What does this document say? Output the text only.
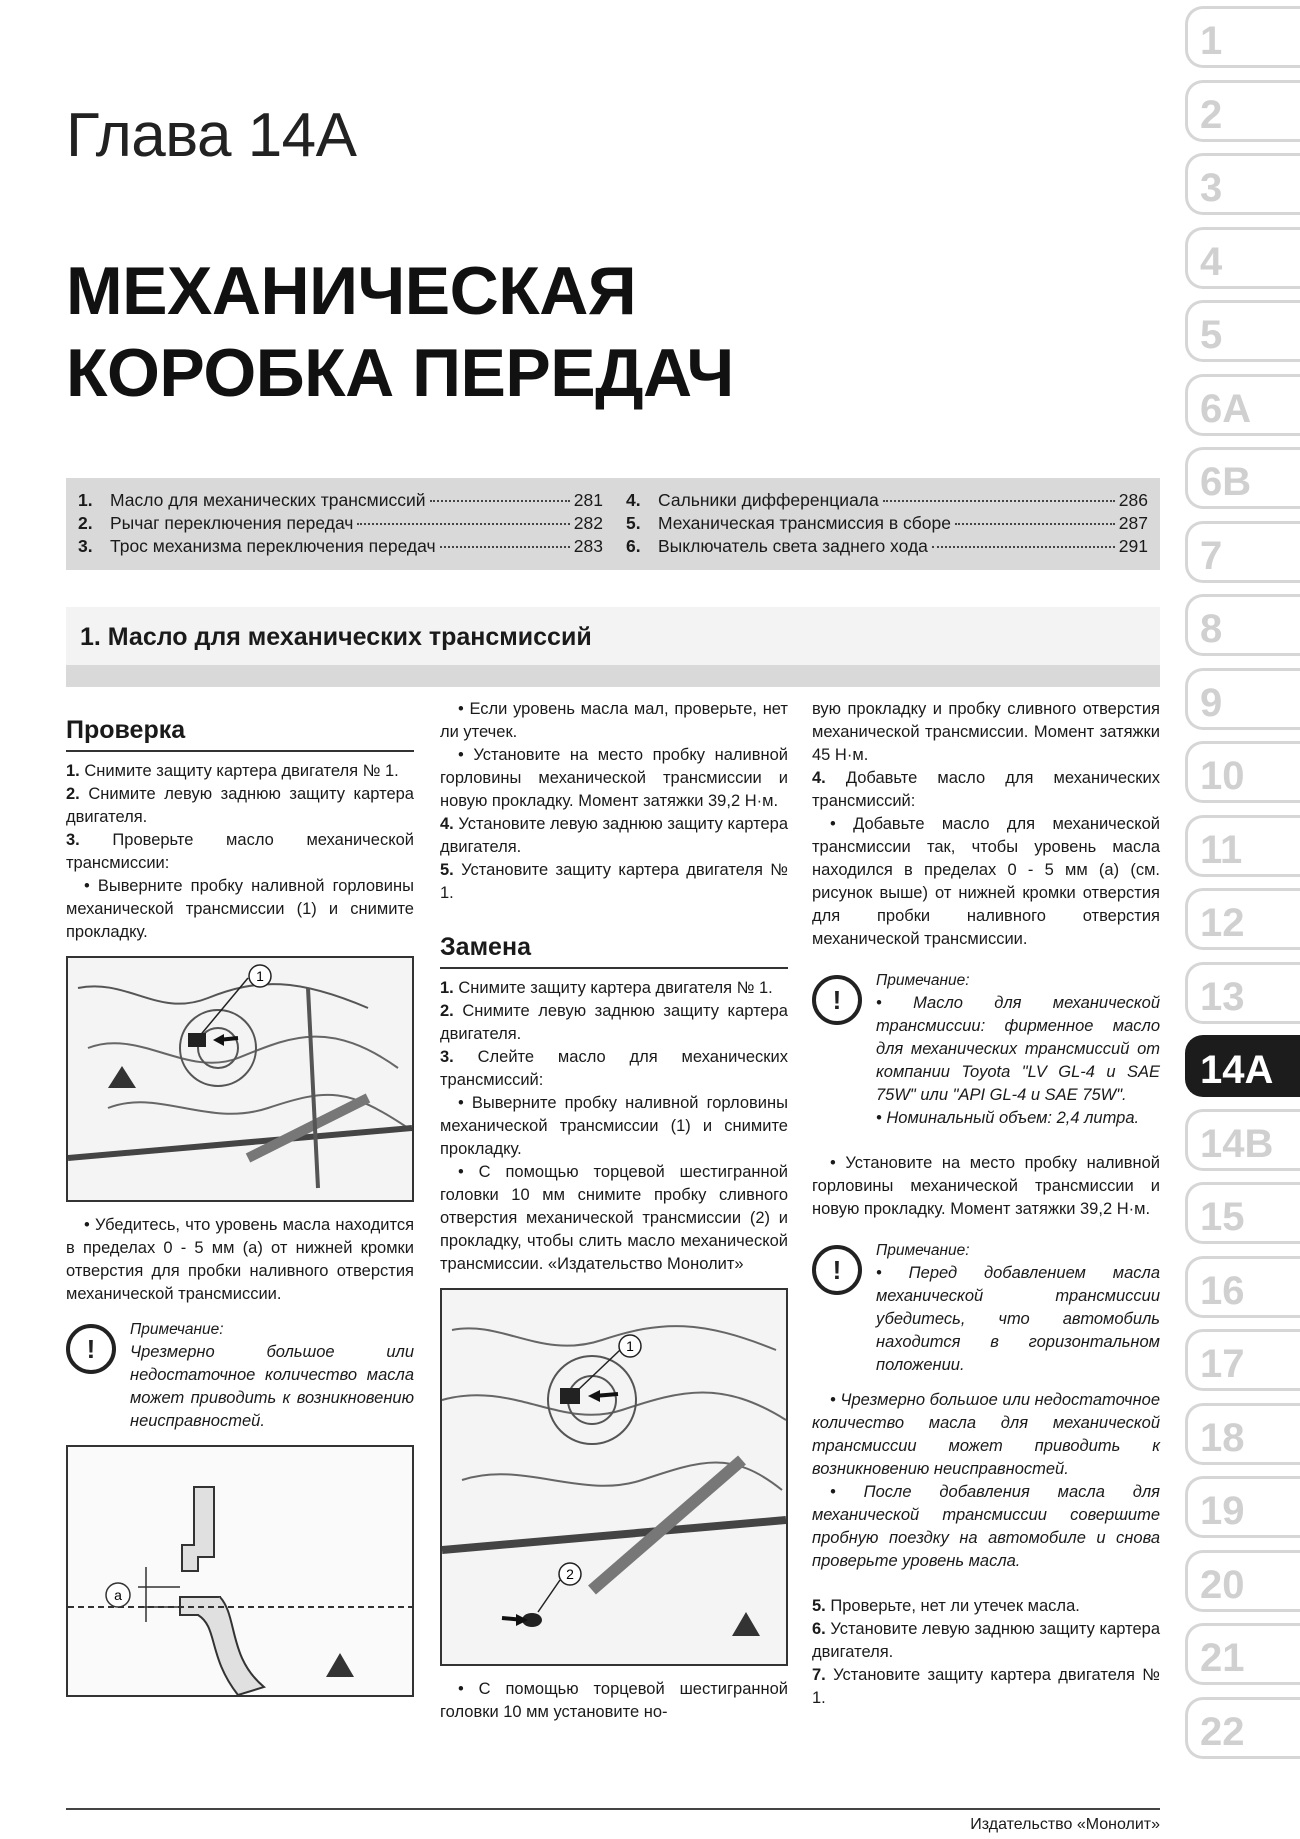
Глава 14А
МЕХАНИЧЕСКАЯ
КОРОБКА ПЕРЕДАЧ
1. Масло для механических трансмиссий	281
2. Рычаг переключения передач	282
3. Трос механизма переключения передач	283
4. Сальники дифференциала	286
5. Механическая трансмиссия в сборе	287
6. Выключатель света заднего хода	291
1. Масло для механических трансмиссий
Проверка

1. Снимите защиту картера двигателя № 1.

2. Снимите левую заднюю защиту картера двигателя.

3. Проверьте масло механической трансмиссии:

• Выверните пробку наливной горловины механической трансмиссии (1) и снимите прокладку.

1

• Убедитесь, что уровень масла находится в пределах 0 - 5 мм (a) от нижней кромки отверстия для пробки наливного отверстия механической трансмиссии.

!
Примечание:
Чрезмерно большое или недостаточное количество масла может приводить к возникновению неисправностей.
a

• Если уровень масла мал, проверьте, нет ли утечек.

• Установите на место пробку наливной горловины механической трансмиссии и новую прокладку. Момент затяжки 39,2 Н·м.

4. Установите левую заднюю защиту картера двигателя.

5. Установите защиту картера двигателя № 1.

Замена

1. Снимите защиту картера двигателя № 1.

2. Снимите левую заднюю защиту картера двигателя.

3. Слейте масло для механических трансмиссий:

• Выверните пробку наливной горловины механической трансмиссии (1) и снимите прокладку.

• С помощью торцевой шестигранной головки 10 мм снимите пробку сливного отверстия механической трансмиссии (2) и прокладку, чтобы слить масло механической трансмиссии. «Издательство Монолит»

1
2

• С помощью торцевой шестигранной головки 10 мм установите но-

вую прокладку и пробку сливного отверстия механической трансмиссии. Момент затяжки 45 Н·м.

4. Добавьте масло для механических трансмиссий:

• Добавьте масло для механической трансмиссии так, чтобы уровень масла находился в пределах 0 - 5 мм (a) (см. рисунок выше) от нижней кромки отверстия для пробки наливного отверстия механической трансмиссии.

!
Примечание:
• Масло для механической трансмиссии: фирменное масло для механических трансмиссий от компании Toyota "LV GL-4 и SAE 75W" или "API GL-4 и SAE 75W".
• Номинальный объем: 2,4 литра.

• Установите на место пробку наливной горловины механической трансмиссии и новую прокладку. Момент затяжки 39,2 Н·м.

!
Примечание:
• Перед добавлением масла механической трансмиссии убедитесь, что автомобиль находится в горизонтальном положении.

• Чрезмерно большое или недостаточное количество масла для механической трансмиссии может приводить к возникновению неисправностей.

• После добавления масла для механической трансмиссии совершите пробную поездку на автомобиле и снова проверьте уровень масла.

5. Проверьте, нет ли утечек масла.

6. Установите левую заднюю защиту картера двигателя.

7. Установите защиту картера двигателя № 1.

1
2
3
4
5
6A
6B
7
8
9
10
11
12
13
14A
14B
15
16
17
18
19
20
21
22
Издательство «Монолит»
